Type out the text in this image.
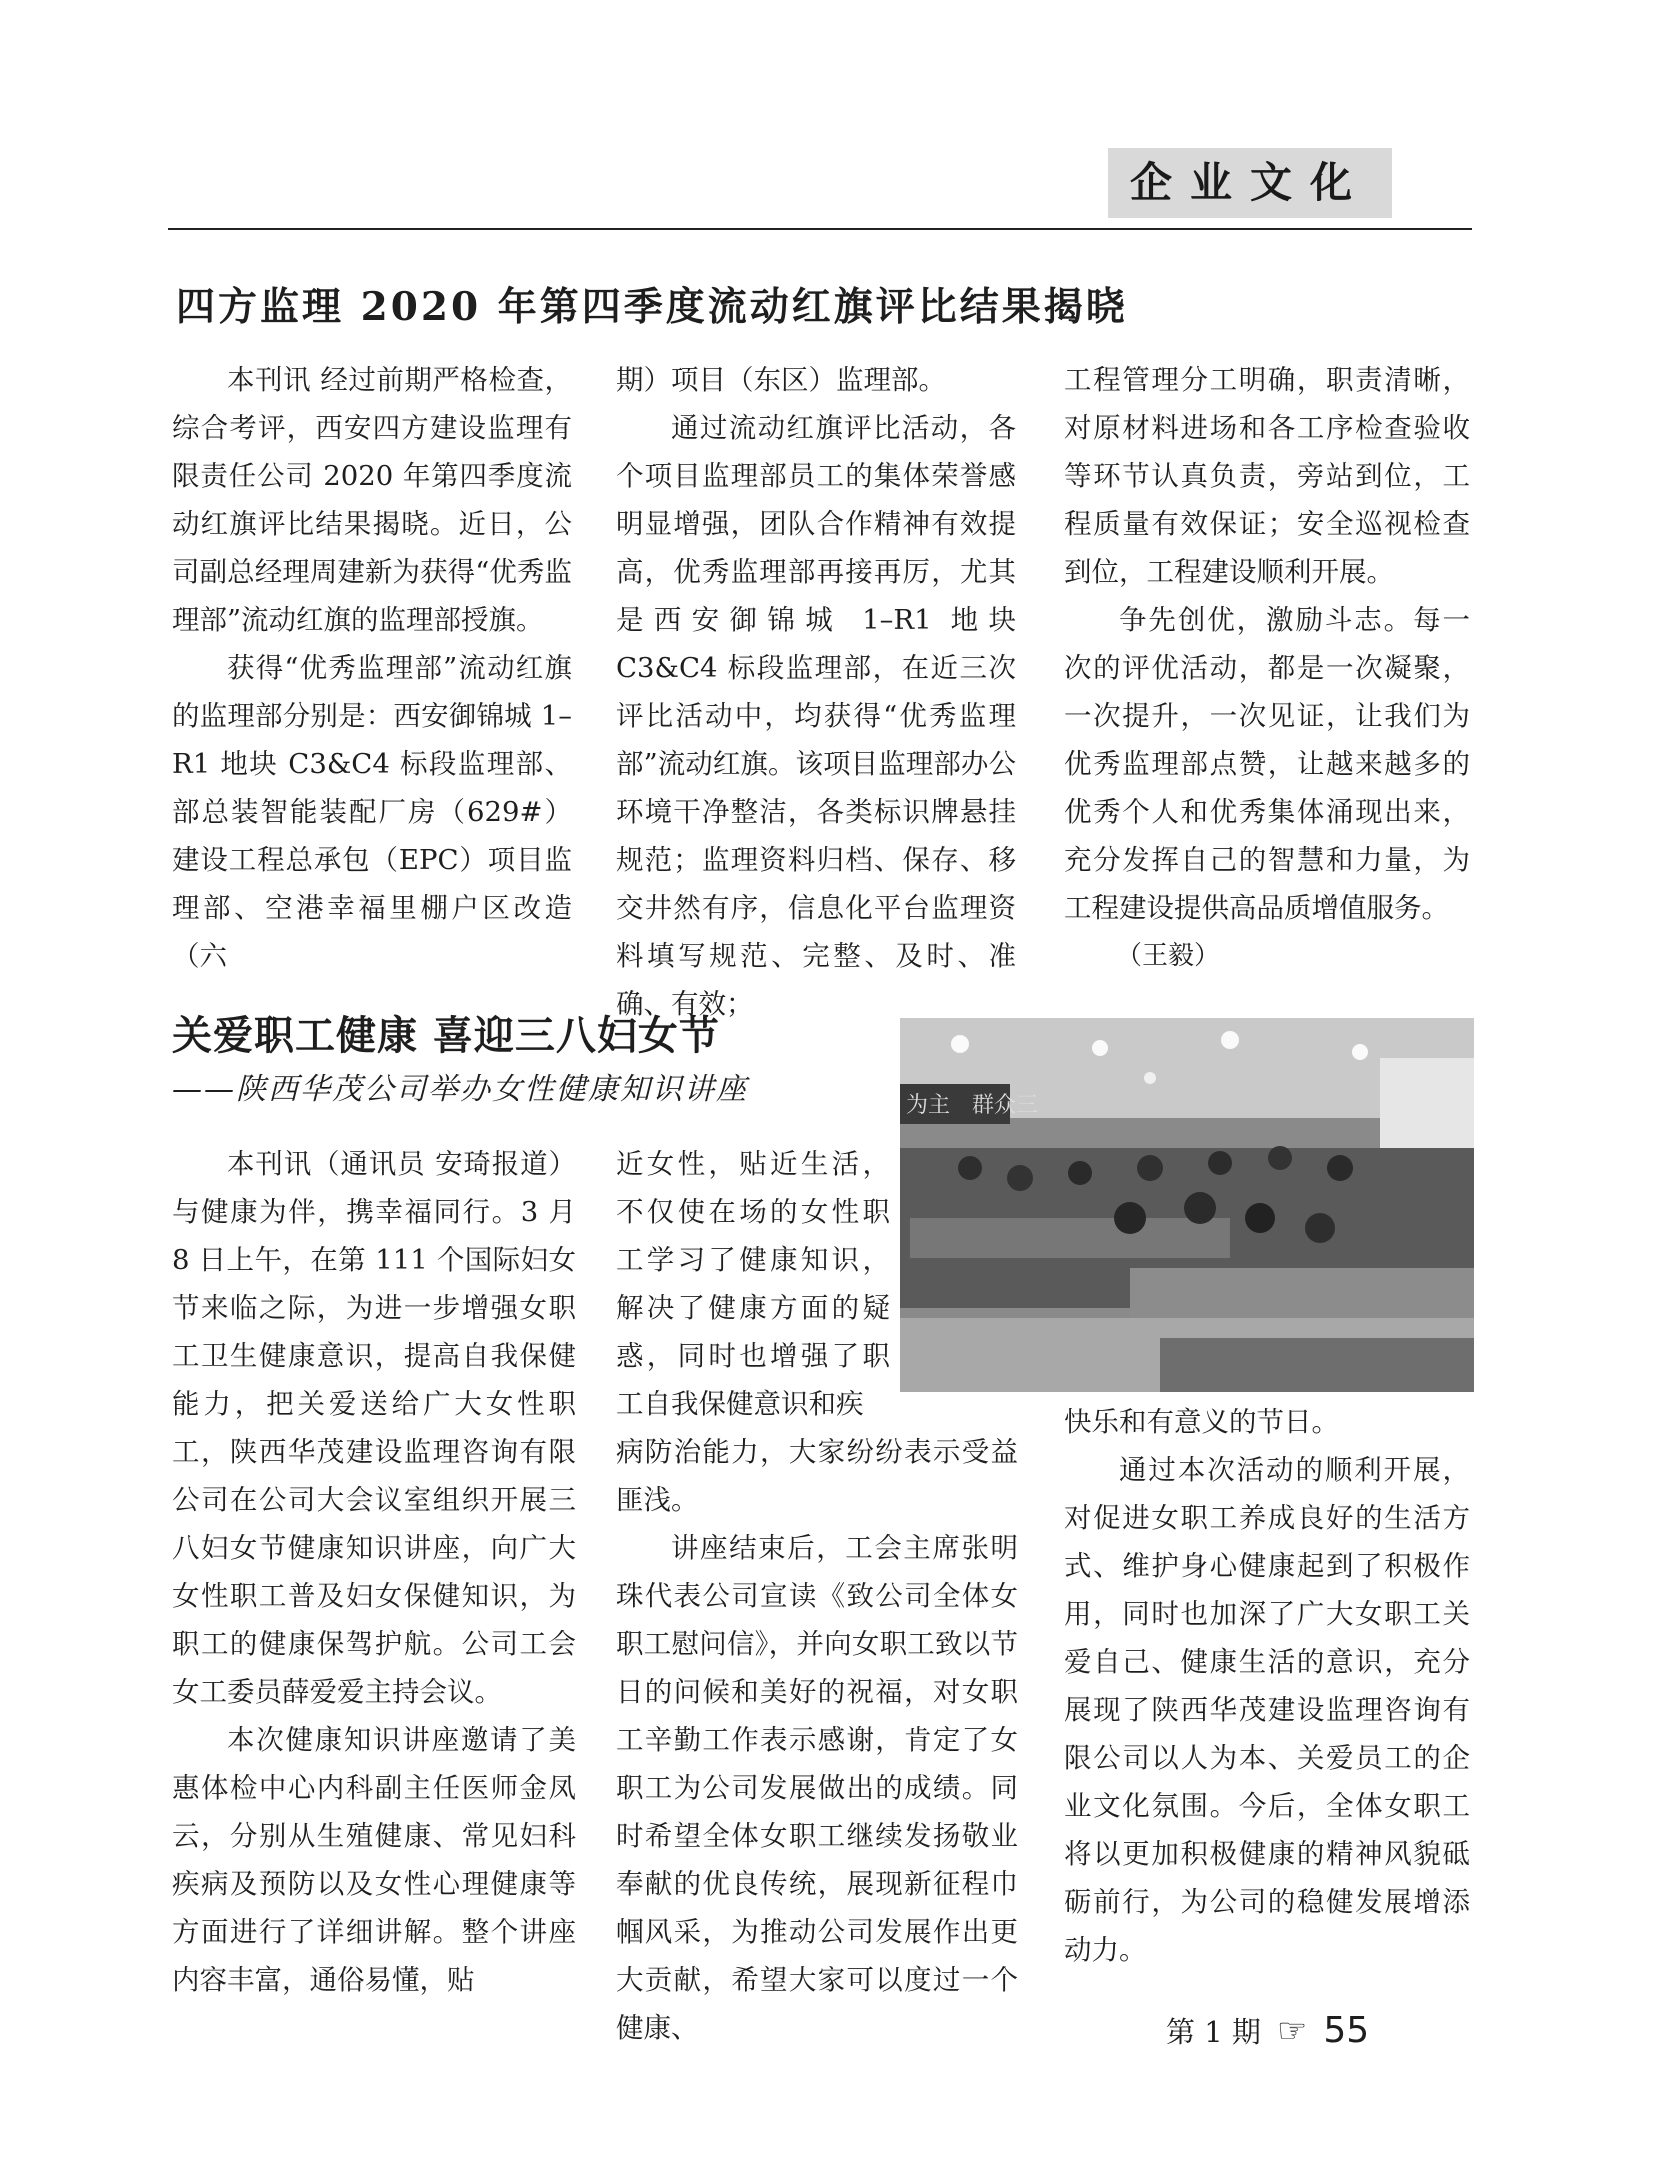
企业文化
四方监理 2020 年第四季度流动红旗评比结果揭晓

本刊讯 经过前期严格检查，综合考评，西安四方建设监理有限责任公司 2020 年第四季度流动红旗评比结果揭晓。近日，公司副总经理周建新为获得“优秀监理部”流动红旗的监理部授旗。

获得“优秀监理部”流动红旗的监理部分别是：西安御锦城 1–R1 地块 C3&C4 标段监理部、部总装智能装配厂房（629#）建设工程总承包（EPC）项目监理部、空港幸福里棚户区改造（六

期）项目（东区）监理部。

通过流动红旗评比活动，各个项目监理部员工的集体荣誉感明显增强，团队合作精神有效提高，优秀监理部再接再厉，尤其是西安御锦城 1–R1 地块 C3&C4 标段监理部，在近三次评比活动中，均获得“优秀监理部”流动红旗。该项目监理部办公环境干净整洁，各类标识牌悬挂规范；监理资料归档、保存、移交井然有序，信息化平台监理资料填写规范、完整、及时、准确、有效；

工程管理分工明确，职责清晰，对原材料进场和各工序检查验收等环节认真负责，旁站到位，工程质量有效保证；安全巡视检查到位，工程建设顺利开展。

争先创优，激励斗志。每一次的评优活动，都是一次凝聚，一次提升，一次见证，让我们为优秀监理部点赞，让越来越多的优秀个人和优秀集体涌现出来，充分发挥自己的智慧和力量，为工程建设提供高品质增值服务。

（王毅）

关爱职工健康 喜迎三八妇女节
——陕西华茂公司举办女性健康知识讲座	为主　群众三

本刊讯（通讯员 安琦报道）与健康为伴，携幸福同行。3 月 8 日上午，在第 111 个国际妇女节来临之际，为进一步增强女职工卫生健康意识，提高自我保健能力，把关爱送给广大女性职工，陕西华茂建设监理咨询有限公司在公司大会议室组织开展三八妇女节健康知识讲座，向广大女性职工普及妇女保健知识，为职工的健康保驾护航。公司工会女工委员薛爱爱主持会议。

本次健康知识讲座邀请了美惠体检中心内科副主任医师金凤云，分别从生殖健康、常见妇科疾病及预防以及女性心理健康等方面进行了详细讲解。整个讲座内容丰富，通俗易懂，贴

近女性，贴近生活，不仅使在场的女性职工学习了健康知识，解决了健康方面的疑惑，同时也增强了职工自我保健意识和疾

病防治能力，大家纷纷表示受益匪浅。

讲座结束后，工会主席张明珠代表公司宣读《致公司全体女职工慰问信》，并向女职工致以节日的问候和美好的祝福，对女职工辛勤工作表示感谢，肯定了女职工为公司发展做出的成绩。同时希望全体女职工继续发扬敬业奉献的优良传统，展现新征程巾帼风采，为推动公司发展作出更大贡献，希望大家可以度过一个健康、

快乐和有意义的节日。

通过本次活动的顺利开展，对促进女职工养成良好的生活方式、维护身心健康起到了积极作用，同时也加深了广大女职工关爱自己、健康生活的意识，充分展现了陕西华茂建设监理咨询有限公司以人为本、关爱员工的企业文化氛围。今后，全体女职工将以更加积极健康的精神风貌砥砺前行，为公司的稳健发展增添动力。

第 1 期 ☞ 55
